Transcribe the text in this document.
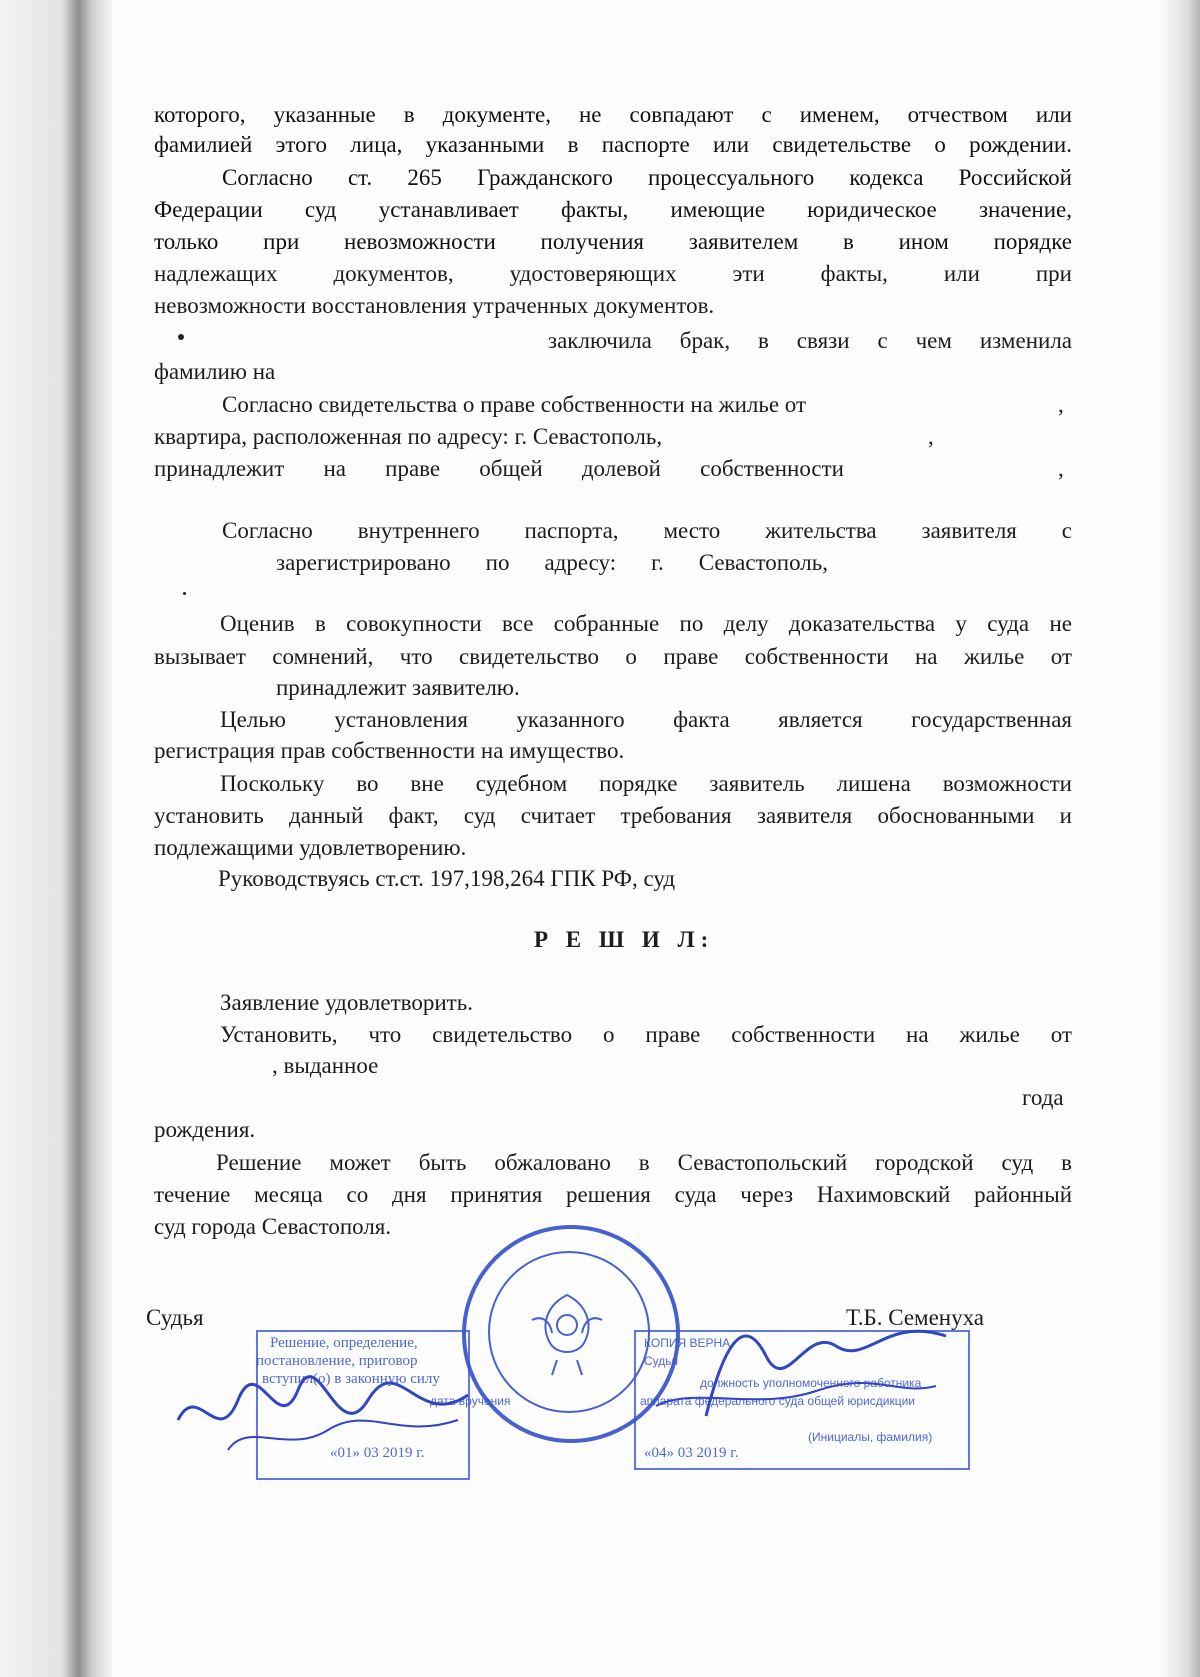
которого, указанные в документе, не совпадают с именем, отчеством или
фамилией этого лица, указанными в паспорте или свидетельстве о рождении.
Согласно ст. 265 Гражданского процессуального кодекса Российской
Федерации суд устанавливает факты, имеющие юридическое значение,
только при невозможности получения заявителем в ином порядке
надлежащих документов, удостоверяющих эти факты, или при
невозможности восстановления утраченных документов.
заключила брак, в связи с чем изменила
фамилию на
Согласно свидетельства о праве собственности на жилье от	,
квартира, расположенная по адресу: г. Севастополь,	,
принадлежит на праве общей долевой собственности	,
Согласно внутреннего паспорта, место жительства заявителя с
зарегистрировано по адресу: г. Севастополь,
Оценив в совокупности все собранные по делу доказательства у суда не
вызывает сомнений, что свидетельство о праве собственности на жилье от
принадлежит заявителю.
Целью установления указанного факта является государственная
регистрация прав собственности на имущество.
Поскольку во вне судебном порядке заявитель лишена возможности
установить данный факт, суд считает требования заявителя обоснованными и
подлежащими удовлетворению.
Руководствуясь ст.ст. 197,198,264 ГПК РФ, суд
Р Е Ш И Л:
Заявление удовлетворить.
Установить, что свидетельство о праве собственности на жилье от
, выданное
года
рождения.
Решение может быть обжаловано в Севастопольский городской суд в
течение месяца со дня принятия решения суда через Нахимовский районный
суд города Севастополя.
Судья	Т.Б. Семенуха
Решение, определение,
постановление, приговор
вступил(о) в законную силу
дата вручения
«01» 03 2019 г.
КОПИЯ ВЕРНА
Судья
должность уполномоченного работника
аппарата федерального суда общей юрисдикции
(Инициалы, фамилия)
«04» 03 2019 г.
